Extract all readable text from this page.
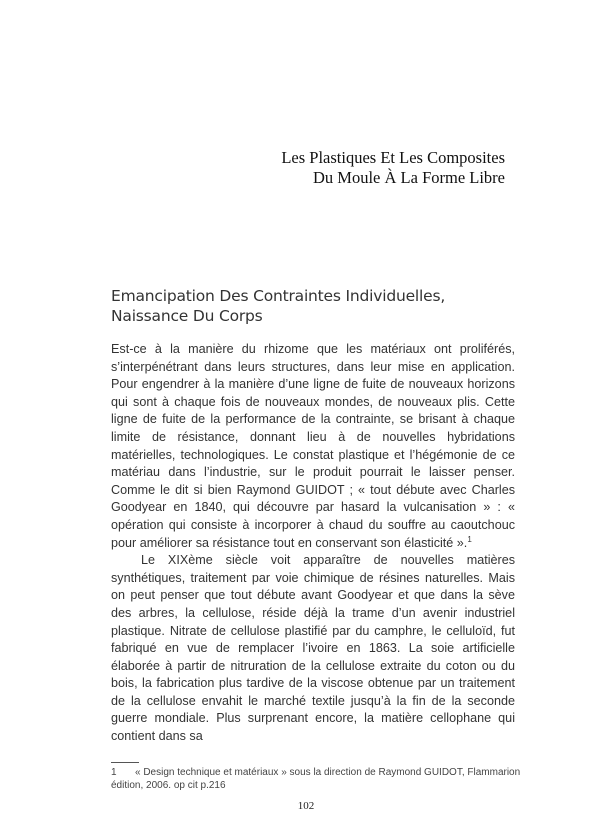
Les Plastiques Et Les Composites
Du Moule À La Forme Libre
Emancipation Des Contraintes Individuelles,
Naissance Du Corps

Est-ce à la manière du rhizome que les matériaux ont proliférés, s’interpénétrant dans leurs structures, dans leur mise en application. Pour engendrer à la manière d’une ligne de fuite de nouveaux horizons qui sont à chaque fois de nouveaux mondes, de nouveaux plis. Cette ligne de fuite de la performance de la contrainte, se brisant à chaque limite de résistance, donnant lieu à de nouvelles hybridations matérielles, technologiques. Le constat plastique et l’hégémonie de ce matériau dans l’industrie, sur le produit pourrait le laisser penser. Comme le dit si bien Raymond GUIDOT ; « tout débute avec Charles Goodyear en 1840, qui découvre par hasard la vulcanisation » : « opération qui consiste à incorporer à chaud du souffre au caoutchouc pour améliorer sa résistance tout en conservant son élasticité ».$^1$

Le XIXème siècle voit apparaître de nouvelles matières synthétiques, traitement par voie chimique de résines naturelles. Mais on peut penser que tout débute avant Goodyear et que dans la sève des arbres, la cellulose, réside déjà la trame d’un avenir industriel plastique. Nitrate de cellulose plastifié par du camphre, le celluloïd, fut fabriqué en vue de remplacer l’ivoire en 1863. La soie artificielle élaborée à partir de nitruration de la cellulose extraite du coton ou du bois, la fabrication plus tardive de la viscose obtenue par un traitement de la cellulose envahit le marché textile jusqu’à la fin de la seconde guerre mondiale. Plus surprenant encore, la matière cellophane qui contient dans sa

1 « Design technique et matériaux » sous la direction de Raymond GUIDOT, Flammarion édition, 2006. op cit p.216
102
